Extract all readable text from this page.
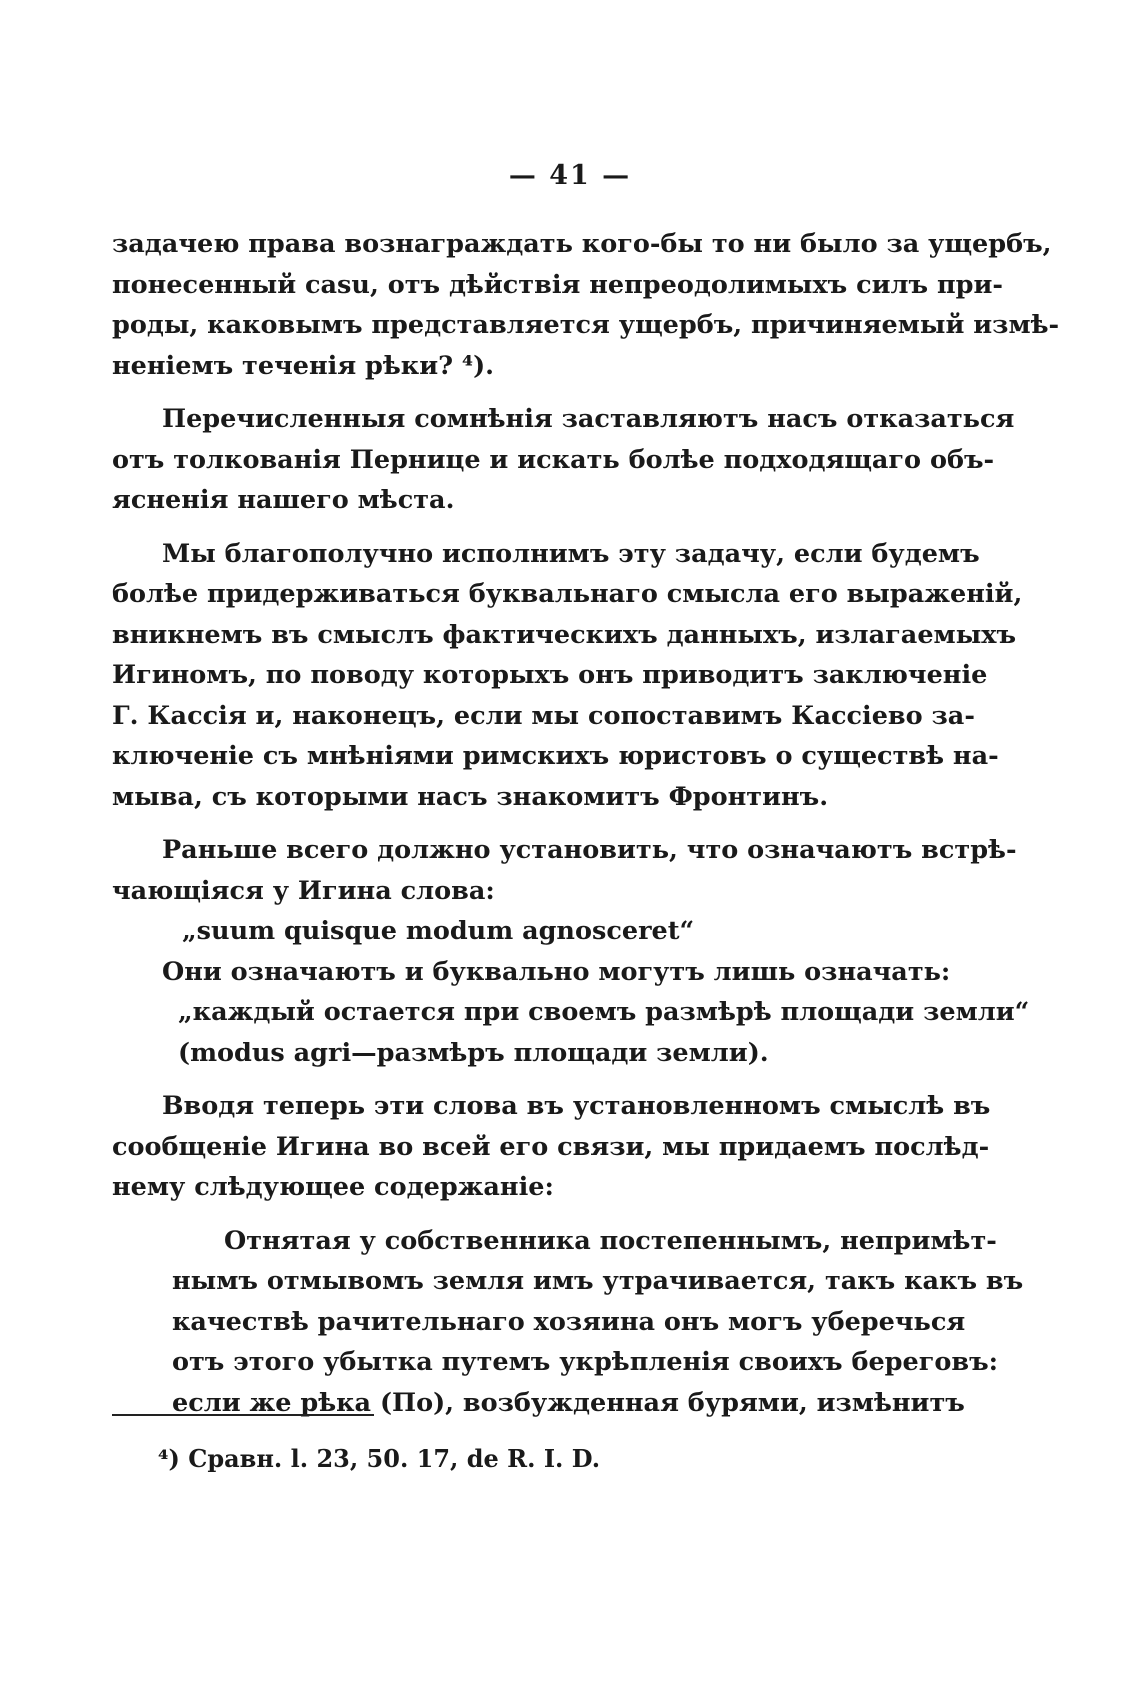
— 41 —
задачею права вознаграждать кого-бы то ни было за ущербъ,
понесенный casu, отъ дѣйствія непреодолимыхъ силъ при-
роды, каковымъ представляется ущербъ, причиняемый измѣ-
неніемъ теченія рѣки? ⁴).
Перечисленныя сомнѣнія заставляютъ насъ отказаться
отъ толкованія Пернице и искать болѣе подходящаго объ-
ясненія нашего мѣста.
Мы благополучно исполнимъ эту задачу, если будемъ
болѣе придерживаться буквальнаго смысла его выраженій,
вникнемъ въ смыслъ фактическихъ данныхъ, излагаемыхъ
Игиномъ, по поводу которыхъ онъ приводитъ заключеніе
Г. Кассія и, наконецъ, если мы сопоставимъ Кассіево за-
ключеніе съ мнѣніями римскихъ юристовъ о существѣ на-
мыва, съ которыми насъ знакомитъ Фронтинъ.
Раньше всего должно установить, что означаютъ встрѣ-
чающіяся у Игина слова:
„suum quisque modum agnosceret“
Они означаютъ и буквально могутъ лишь означать:
„каждый остается при своемъ размѣрѣ площади земли“
(modus agri—размѣръ площади земли).
Вводя теперь эти слова въ установленномъ смыслѣ въ
сообщеніе Игина во всей его связи, мы придаемъ послѣд-
нему слѣдующее содержаніе:
Отнятая у собственника постепеннымъ, непримѣт-
нымъ отмывомъ земля имъ утрачивается, такъ какъ въ
качествѣ рачительнаго хозяина онъ могъ уберечься
отъ этого убытка путемъ укрѣпленія своихъ береговъ:
если же рѣка (По), возбужденная бурями, измѣнитъ
⁴) Сравн. l. 23, 50. 17, de R. I. D.
